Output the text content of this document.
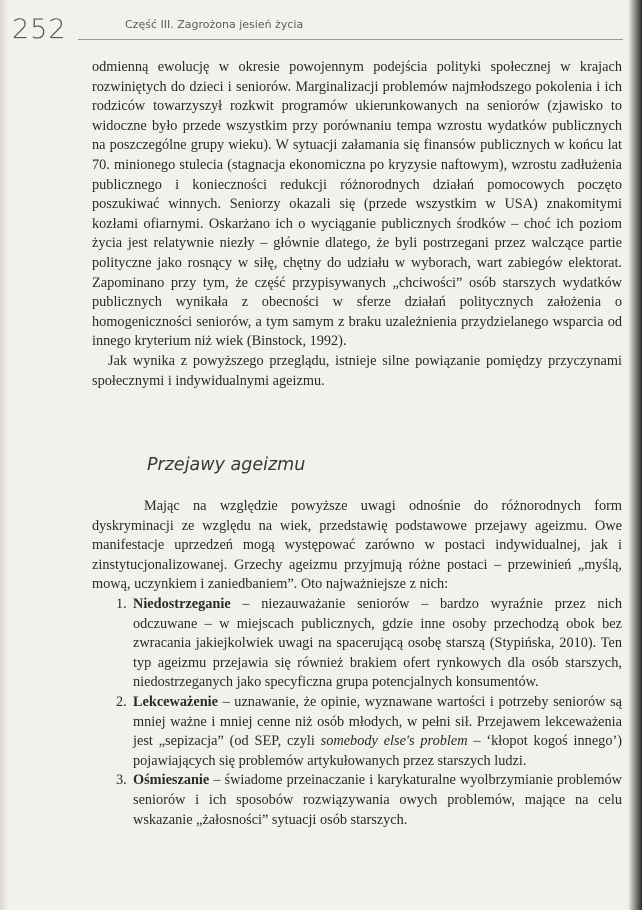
252	Część III. Zagrożona jesień życia

odmienną ewolucję w okresie powojennym podejścia polityki społecznej w krajach rozwiniętych do dzieci i seniorów. Marginalizacji problemów najmłodszego pokolenia i ich rodziców towarzyszył rozkwit programów ukierunkowanych na seniorów (zjawisko to widoczne było przede wszystkim przy porównaniu tempa wzrostu wydatków publicznych na poszczególne grupy wieku). W sytuacji załamania się finansów publicznych w końcu lat 70. minionego stulecia (stagnacja ekonomiczna po kryzysie naftowym), wzrostu zadłużenia publicznego i konieczności redukcji różnorodnych działań pomocowych poczęto poszukiwać winnych. Seniorzy okazali się (przede wszystkim w USA) znakomitymi kozłami ofiarnymi. Oskarżano ich o wyciąganie publicznych środków – choć ich poziom życia jest relatywnie niezły – głównie dlatego, że byli postrzegani przez walczące partie polityczne jako rosnący w siłę, chętny do udziału w wyborach, wart zabiegów elektorat. Zapominano przy tym, że część przypisywanych „chciwości” osób starszych wydatków publicznych wynikała z obecności w sferze działań politycznych założenia o homogeniczności seniorów, a tym samym z braku uzależnienia przydzielanego wsparcia od innego kryterium niż wiek (Binstock, 1992).

Jak wynika z powyższego przeglądu, istnieje silne powiązanie pomiędzy przyczynami społecznymi i indywidualnymi ageizmu.

Przejawy ageizmu

Mając na względzie powyższe uwagi odnośnie do różnorodnych form dyskryminacji ze względu na wiek, przedstawię podstawowe przejawy ageizmu. Owe manifestacje uprzedzeń mogą występować zarówno w postaci indywidualnej, jak i zinstytucjonalizowanej. Grzechy ageizmu przyjmują różne postaci – przewinień „myślą, mową, uczynkiem i zaniedbaniem”. Oto najważniejsze z nich:

1. Niedostrzeganie – niezauważanie seniorów – bardzo wyraźnie przez nich odczuwane – w miejscach publicznych, gdzie inne osoby przechodzą obok bez zwracania jakiejkolwiek uwagi na spacerującą osobę starszą (Stypińska, 2010). Ten typ ageizmu przejawia się również brakiem ofert rynkowych dla osób starszych, niedostrzeganych jako specyficzna grupa potencjalnych konsumentów.
2. Lekceważenie – uznawanie, że opinie, wyznawane wartości i potrzeby seniorów są mniej ważne i mniej cenne niż osób młodych, w pełni sił. Przejawem lekceważenia jest „sepizacja” (od SEP, czyli somebody else's problem – ‘kłopot kogoś innego’) pojawiających się problemów artykułowanych przez starszych ludzi.
3. Ośmieszanie – świadome przeinaczanie i karykaturalne wyolbrzymianie problemów seniorów i ich sposobów rozwiązywania owych problemów, mające na celu wskazanie „żałosności” sytuacji osób starszych.
